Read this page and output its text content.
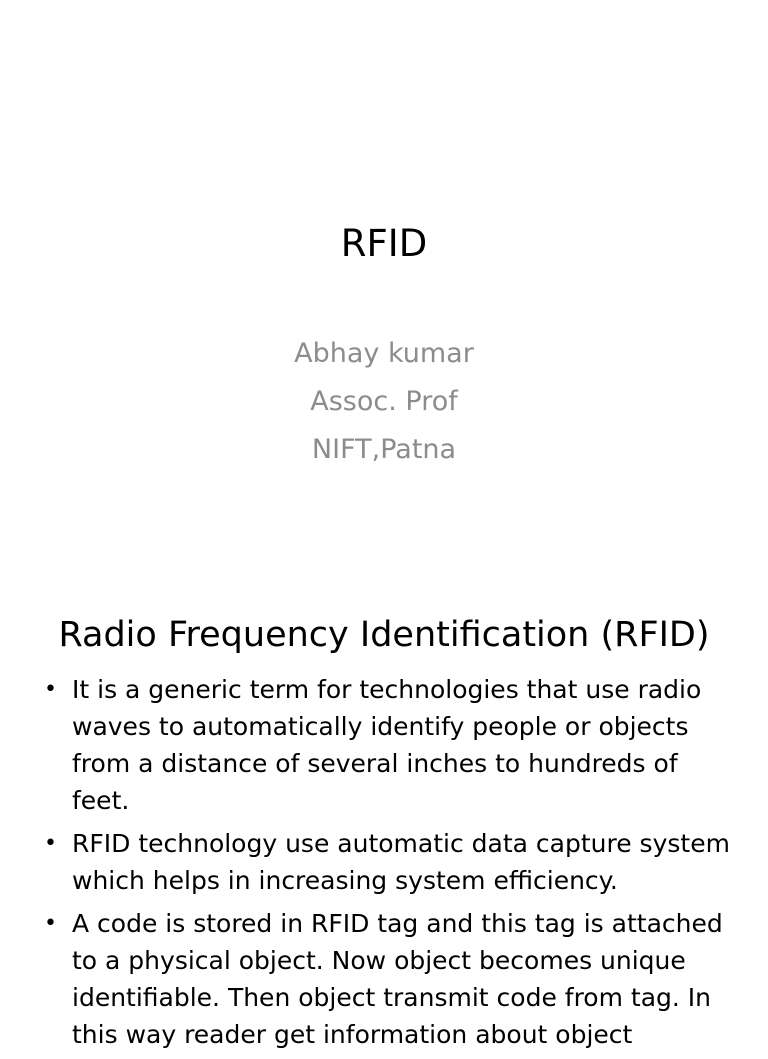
RFID
Abhay kumar
Assoc. Prof
NIFT,Patna
Radio Frequency Identification (RFID)
• It is a generic term for technologies that use radio waves to automatically identify people or objects from a distance of several inches to hundreds of feet.
• RFID technology use automatic data capture system which helps in increasing system efficiency.
• A code is stored in RFID tag and this tag is attached to a physical object. Now object becomes unique identifiable. Then object transmit code from tag. In this way reader get information about object
